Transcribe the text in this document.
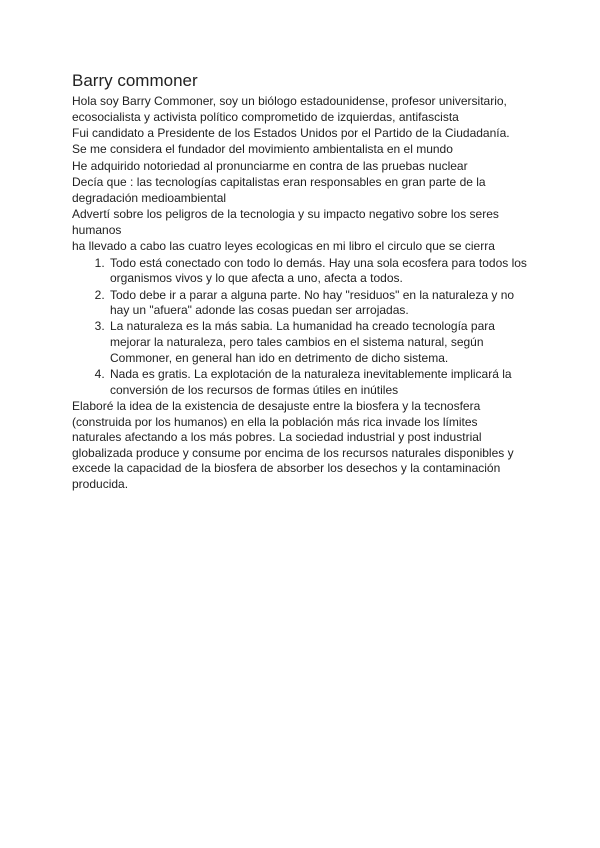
Barry commoner

Hola soy Barry Commoner, soy un biólogo estadounidense, profesor universitario, ecosocialista y activista político comprometido de izquierdas, antifascista

Fui candidato a Presidente de los Estados Unidos por el Partido de la Ciudadanía.

Se me considera el fundador del movimiento ambientalista en el mundo

He adquirido notoriedad al pronunciarme en contra de las pruebas nuclear

Decía que : las tecnologías capitalistas eran responsables en gran parte de la degradación medioambiental

Advertí sobre los peligros de la tecnologia y su impacto negativo sobre los seres humanos

ha llevado a cabo las cuatro leyes ecologicas en mi libro el circulo que se cierra

1. Todo está conectado con todo lo demás. Hay una sola ecosfera para todos los organismos vivos y lo que afecta a uno, afecta a todos.
2. Todo debe ir a parar a alguna parte. No hay "residuos" en la naturaleza y no hay un "afuera" adonde las cosas puedan ser arrojadas.
3. La naturaleza es la más sabia. La humanidad ha creado tecnología para mejorar la naturaleza, pero tales cambios en el sistema natural, según Commoner, en general han ido en detrimento de dicho sistema.
4. Nada es gratis. La explotación de la naturaleza inevitablemente implicará la conversión de los recursos de formas útiles en inútiles

Elaboré la idea de la existencia de desajuste entre la biosfera y la tecnosfera (construida por los humanos) en ella la población más rica invade los límites naturales afectando a los más pobres. La sociedad industrial y post industrial globalizada produce y consume por encima de los recursos naturales disponibles y excede la capacidad de la biosfera de absorber los desechos y la contaminación producida.
